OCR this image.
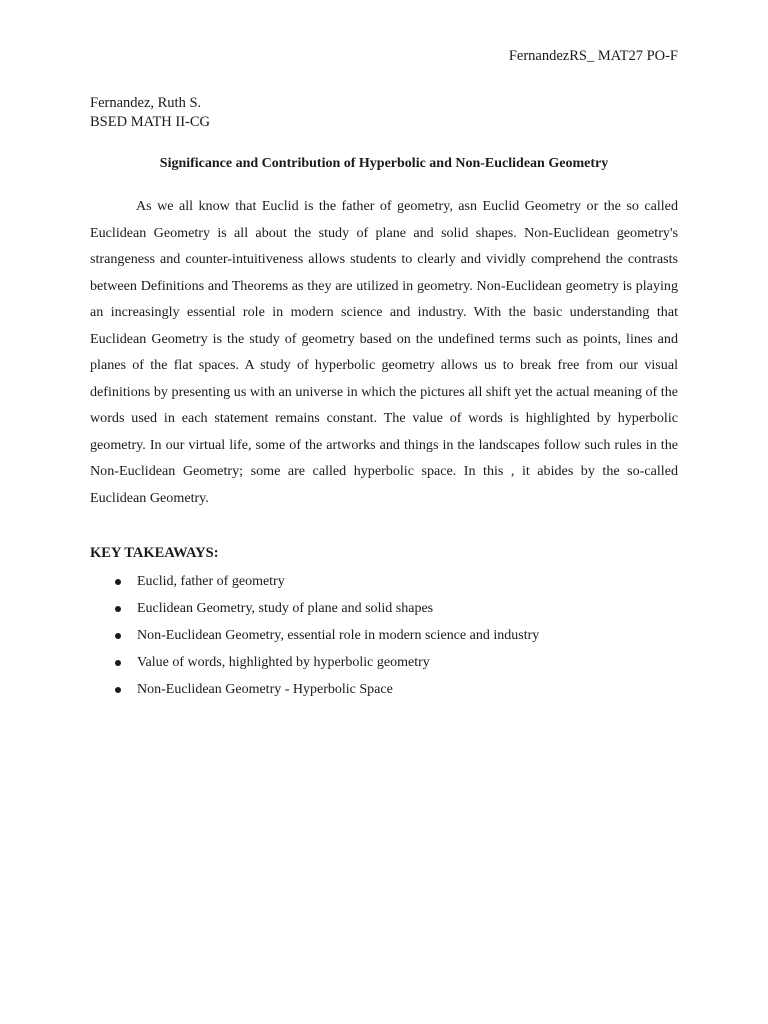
FernandezRS_ MAT27 PO-F
Fernandez, Ruth S.
BSED MATH II-CG
Significance and Contribution of Hyperbolic and Non-Euclidean Geometry

As we all know that Euclid is the father of geometry, asn Euclid Geometry or the so called Euclidean Geometry is all about the study of plane and solid shapes. Non-Euclidean geometry's strangeness and counter-intuitiveness allows students to clearly and vividly comprehend the contrasts between Definitions and Theorems as they are utilized in geometry. Non-Euclidean geometry is playing an increasingly essential role in modern science and industry. With the basic understanding that Euclidean Geometry is the study of geometry based on the undefined terms such as points, lines and planes of the flat spaces. A study of hyperbolic geometry allows us to break free from our visual definitions by presenting us with an universe in which the pictures all shift yet the actual meaning of the words used in each statement remains constant. The value of words is highlighted by hyperbolic geometry. In our virtual life, some of the artworks and things in the landscapes follow such rules in the Non-Euclidean Geometry; some are called hyperbolic space. In this , it abides by the so-called Euclidean Geometry.

KEY TAKEAWAYS:
Euclid, father of geometry
Euclidean Geometry, study of plane and solid shapes
Non-Euclidean Geometry, essential role in modern science and industry
Value of words, highlighted by hyperbolic geometry
Non-Euclidean Geometry - Hyperbolic Space
